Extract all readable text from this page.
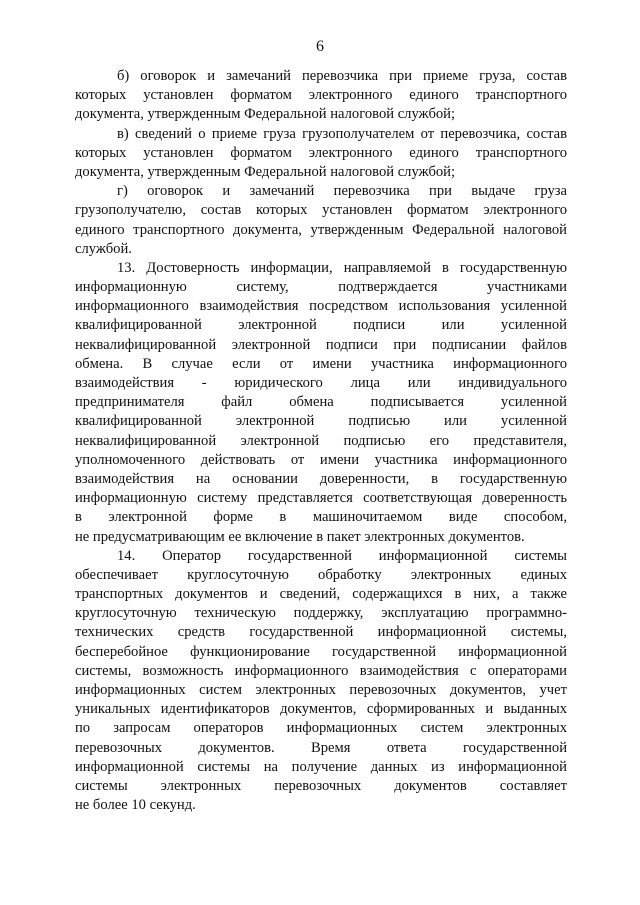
6
б) оговорок и замечаний перевозчика при приеме груза, состав
которых установлен форматом электронного единого транспортного
документа, утвержденным Федеральной налоговой службой;
в) сведений о приеме груза грузополучателем от перевозчика, состав
которых установлен форматом электронного единого транспортного
документа, утвержденным Федеральной налоговой службой;
г) оговорок и замечаний перевозчика при выдаче груза
грузополучателю, состав которых установлен форматом электронного
единого транспортного документа, утвержденным Федеральной налоговой
службой.
13. Достоверность информации, направляемой в государственную
информационную систему, подтверждается участниками
информационного взаимодействия посредством использования усиленной
квалифицированной электронной подписи или усиленной
неквалифицированной электронной подписи при подписании файлов
обмена. В случае если от имени участника информационного
взаимодействия - юридического лица или индивидуального
предпринимателя файл обмена подписывается усиленной
квалифицированной электронной подписью или усиленной
неквалифицированной электронной подписью его представителя,
уполномоченного действовать от имени участника информационного
взаимодействия на основании доверенности, в государственную
информационную систему представляется соответствующая доверенность
в электронной форме в машиночитаемом виде способом,
не предусматривающим ее включение в пакет электронных документов.
14. Оператор государственной информационной системы
обеспечивает круглосуточную обработку электронных единых
транспортных документов и сведений, содержащихся в них, а также
круглосуточную техническую поддержку, эксплуатацию программно-
технических средств государственной информационной системы,
бесперебойное функционирование государственной информационной
системы, возможность информационного взаимодействия с операторами
информационных систем электронных перевозочных документов, учет
уникальных идентификаторов документов, сформированных и выданных
по запросам операторов информационных систем электронных
перевозочных документов. Время ответа государственной
информационной системы на получение данных из информационной
системы электронных перевозочных документов составляет
не более 10 секунд.
